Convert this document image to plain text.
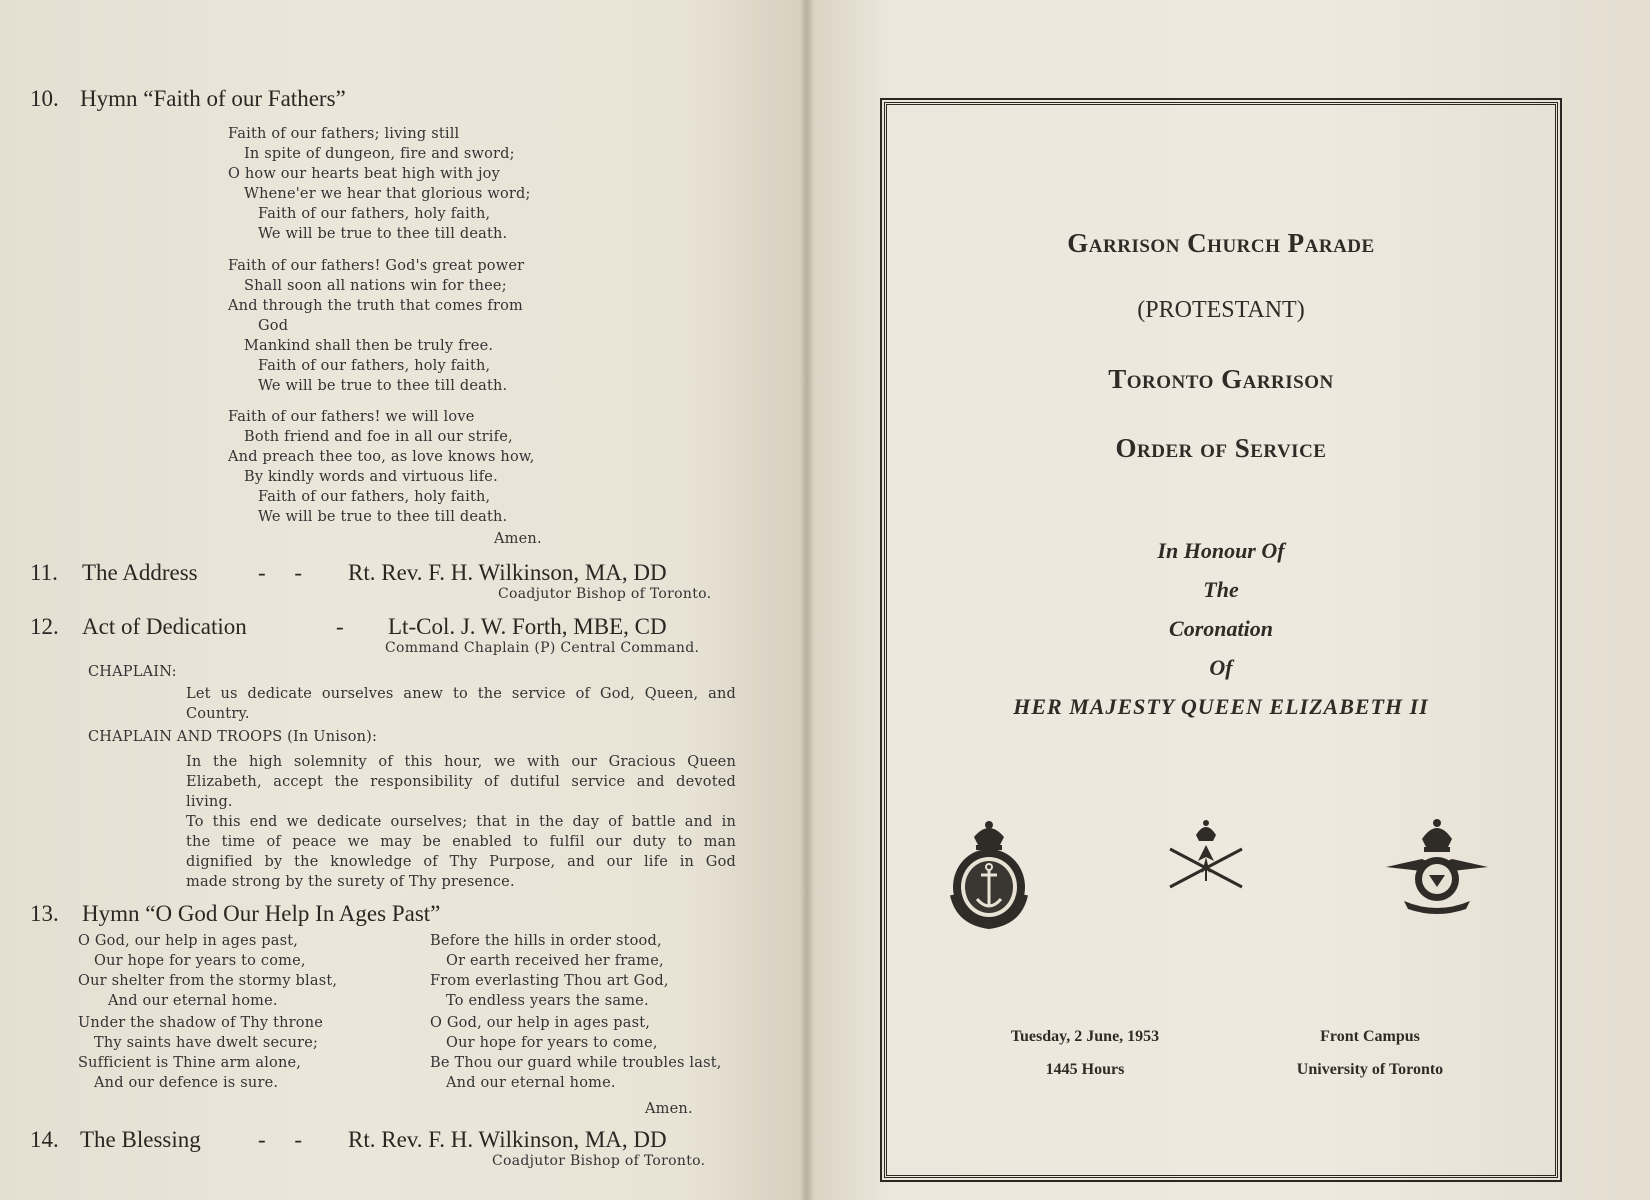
10. Hymn “Faith of our Fathers”
Faith of our fathers; living still
In spite of dungeon, fire and sword;
O how our hearts beat high with joy
Whene'er we hear that glorious word;
Faith of our fathers, holy faith,
We will be true to thee till death.
Faith of our fathers! God's great power
Shall soon all nations win for thee;
And through the truth that comes from
God
Mankind shall then be truly free.
Faith of our fathers, holy faith,
We will be true to thee till death.
Faith of our fathers! we will love
Both friend and foe in all our strife,
And preach thee too, as love knows how,
By kindly words and virtuous life.
Faith of our fathers, holy faith,
We will be true to thee till death.
Amen.
11. The Address	-     - Rt. Rev. F. H. Wilkinson, MA, DD
Coadjutor Bishop of Toronto.
12. Act of Dedication	- Lt-Col. J. W. Forth, MBE, CD
Command Chaplain (P) Central Command.
CHAPLAIN:
Let us dedicate ourselves anew to the service of God, Queen, and
Country.
CHAPLAIN AND TROOPS (In Unison):
In the high solemnity of this hour, we with our Gracious Queen
Elizabeth, accept the responsibility of dutiful service and devoted
living.
To this end we dedicate ourselves; that in the day of battle and in
the time of peace we may be enabled to fulfil our duty to man
dignified by the knowledge of Thy Purpose, and our life in God
made strong by the surety of Thy presence.
13. Hymn “O God Our Help In Ages Past”
O God, our help in ages past,
Our hope for years to come,
Our shelter from the stormy blast,
And our eternal home.
Under the shadow of Thy throne
Thy saints have dwelt secure;
Sufficient is Thine arm alone,
And our defence is sure.
Before the hills in order stood,
Or earth received her frame,
From everlasting Thou art God,
To endless years the same.
O God, our help in ages past,
Our hope for years to come,
Be Thou our guard while troubles last,
And our eternal home.
Amen.
14. The Blessing -     - Rt. Rev. F. H. Wilkinson, MA, DD
Coadjutor Bishop of Toronto.
Garrison Church Parade
(PROTESTANT)
Toronto Garrison
Order of Service
In Honour Of
The
Coronation
Of
HER MAJESTY QUEEN ELIZABETH II
Tuesday, 2 June, 1953
1445 Hours
Front Campus
University of Toronto
